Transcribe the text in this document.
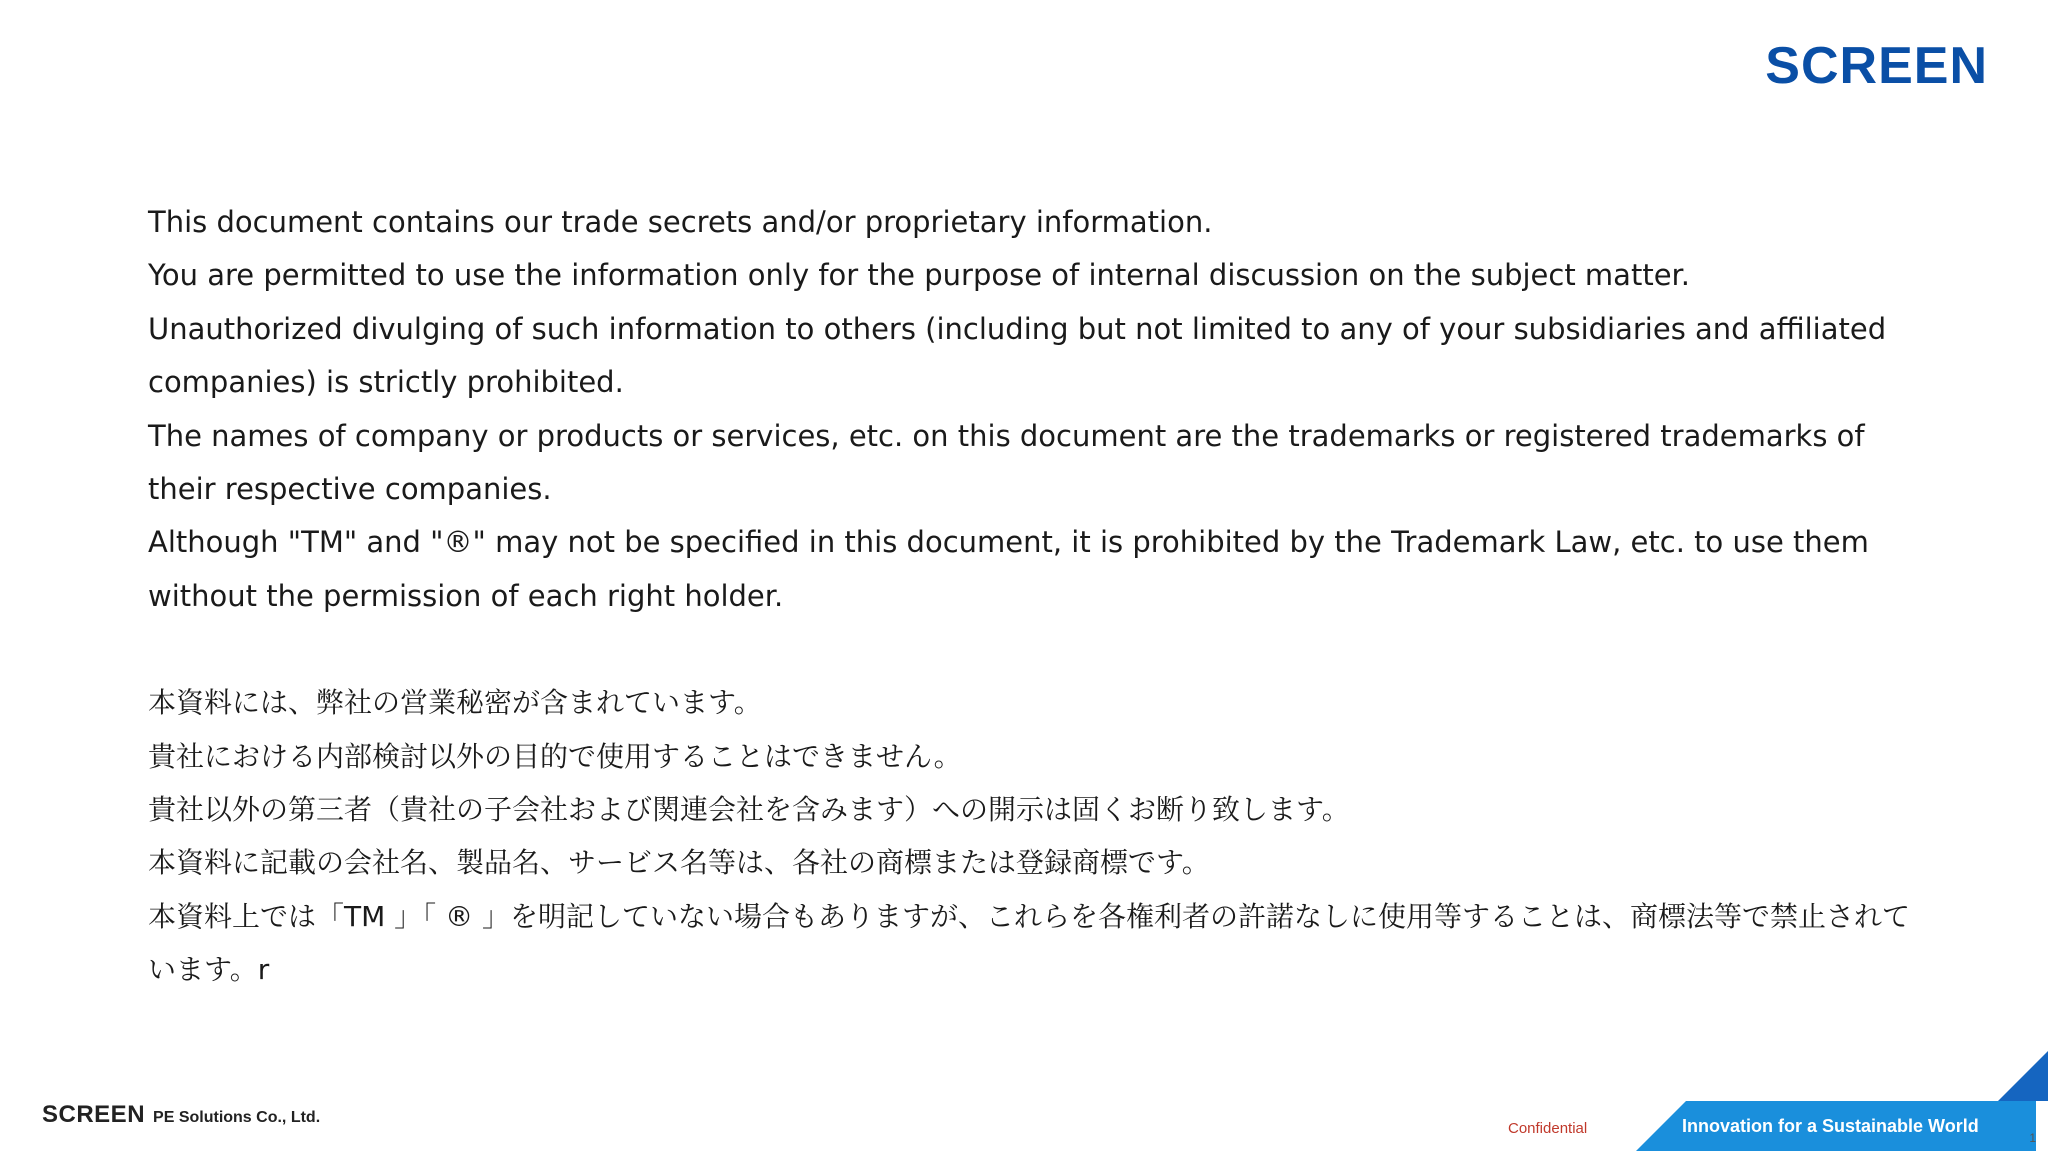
SCREEN

This document contains our trade secrets and/or proprietary information.

You are permitted to use the information only for the purpose of internal discussion on the subject matter.

Unauthorized divulging of such information to others (including but not limited to any of your subsidiaries and affiliated companies) is strictly prohibited.

The names of company or products or services, etc. on this document are the trademarks or registered trademarks of their respective companies.

Although "TM" and "®" may not be specified in this document, it is prohibited by the Trademark Law, etc. to use them without the permission of each right holder.

本資料には、弊社の営業秘密が含まれています。

貴社における内部検討以外の目的で使用することはできません。

貴社以外の第三者（貴社の子会社および関連会社を含みます）への開示は固くお断り致します。

本資料に記載の会社名、製品名、サービス名等は、各社の商標または登録商標です。

本資料上では「TM 」「 ® 」を明記していない場合もありますが、これらを各権利者の許諾なしに使用等することは、商標法等で禁止されています。r

SCREEN PE Solutions Co., Ltd.
Confidential	Innovation for a Sustainable World
1
